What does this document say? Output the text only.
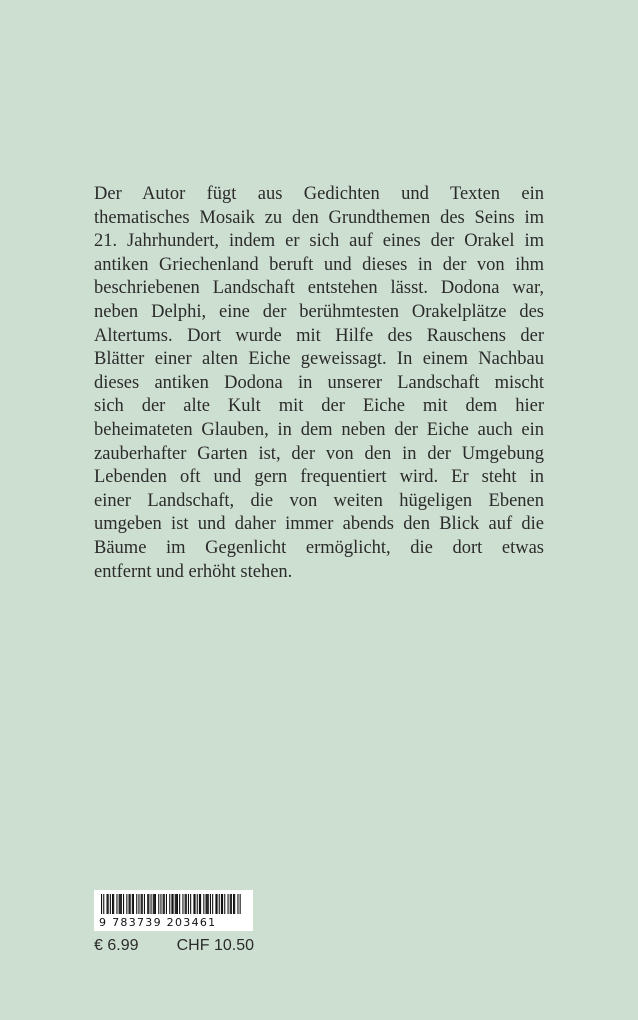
Der Autor fügt aus Gedichten und Texten ein
thematisches Mosaik zu den Grundthemen des Seins im
21. Jahrhundert, indem er sich auf eines der Orakel im
antiken Griechenland beruft und dieses in der von ihm
beschriebenen Landschaft entstehen lässt. Dodona war,
neben Delphi, eine der berühmtesten Orakelplätze des
Altertums. Dort wurde mit Hilfe des Rauschens der
Blätter einer alten Eiche geweissagt. In einem Nachbau
dieses antiken Dodona in unserer Landschaft mischt
sich der alte Kult mit der Eiche mit dem hier
beheimateten Glauben, in dem neben der Eiche auch ein
zauberhafter Garten ist, der von den in der Umgebung
Lebenden oft und gern frequentiert wird. Er steht in
einer Landschaft, die von weiten hügeligen Ebenen
umgeben ist und daher immer abends den Blick auf die
Bäume im Gegenlicht ermöglicht, die dort etwas
entfernt und erhöht stehen.
9 783739 203461
€ 6.99 CHF 10.50
